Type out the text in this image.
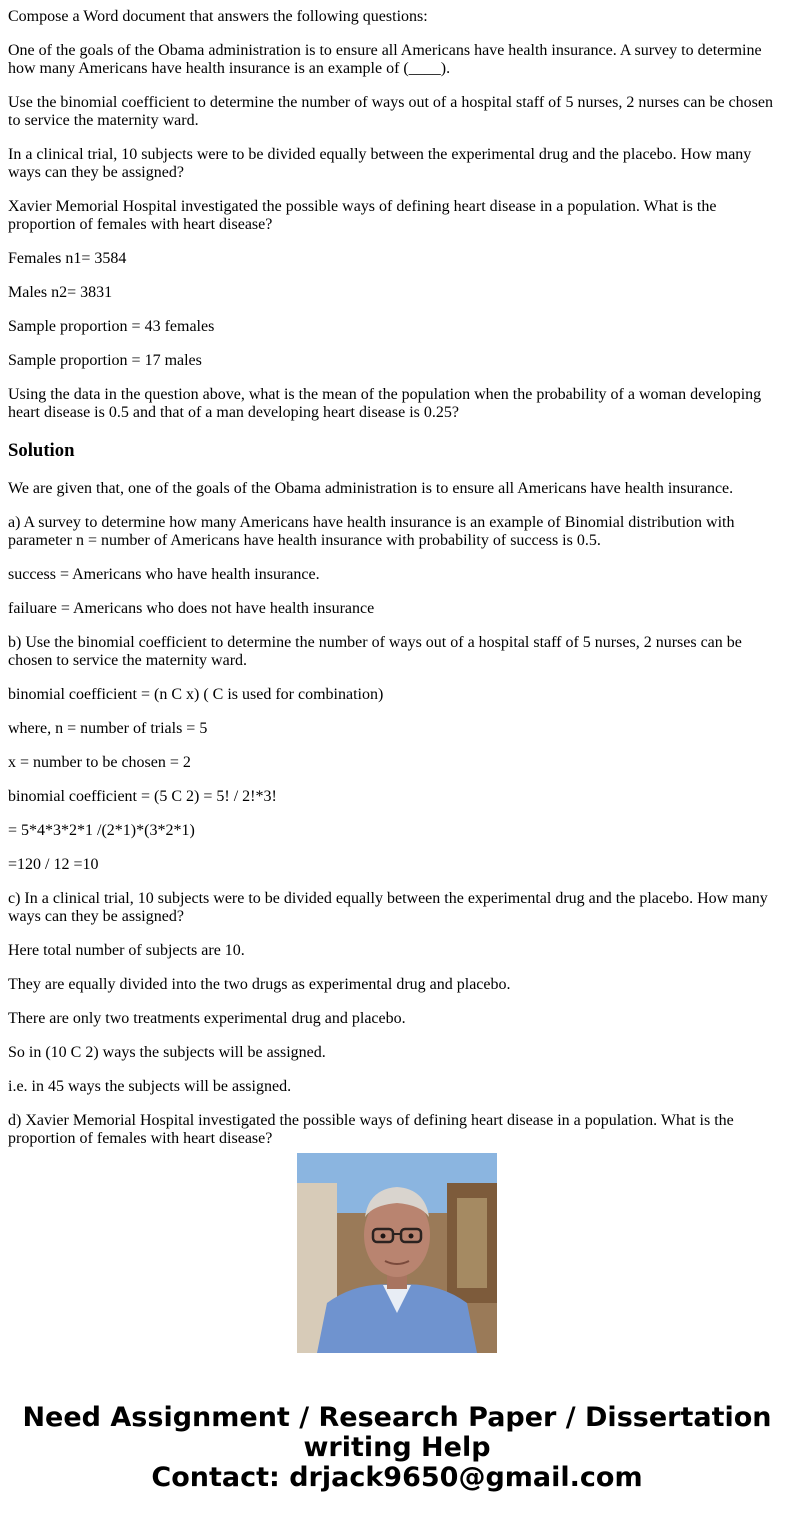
Compose a Word document that answers the following questions:

One of the goals of the Obama administration is to ensure all Americans have health insurance. A survey to determine how many Americans have health insurance is an example of (____).

Use the binomial coefficient to determine the number of ways out of a hospital staff of 5 nurses, 2 nurses can be chosen to service the maternity ward.

In a clinical trial, 10 subjects were to be divided equally between the experimental drug and the placebo. How many ways can they be assigned?

Xavier Memorial Hospital investigated the possible ways of defining heart disease in a population. What is the proportion of females with heart disease?

Females n1= 3584

Males n2= 3831

Sample proportion = 43 females

Sample proportion = 17 males

Using the data in the question above, what is the mean of the population when the probability of a woman developing heart disease is 0.5 and that of a man developing heart disease is 0.25?

Solution

We are given that, one of the goals of the Obama administration is to ensure all Americans have health insurance.

a) A survey to determine how many Americans have health insurance is an example of Binomial distribution with parameter n = number of Americans have health insurance with probability of success is 0.5.

success = Americans who have health insurance.

failuare = Americans who does not have health insurance

b) Use the binomial coefficient to determine the number of ways out of a hospital staff of 5 nurses, 2 nurses can be chosen to service the maternity ward.

binomial coefficient = (n C x) ( C is used for combination)

where, n = number of trials = 5

x = number to be chosen = 2

binomial coefficient = (5 C 2) = 5! / 2!*3!

= 5*4*3*2*1 /(2*1)*(3*2*1)

=120 / 12 =10

c) In a clinical trial, 10 subjects were to be divided equally between the experimental drug and the placebo. How many ways can they be assigned?

Here total number of subjects are 10.

They are equally divided into the two drugs as experimental drug and placebo.

There are only two treatments experimental drug and placebo.

So in (10 C 2) ways the subjects will be assigned.

i.e. in 45 ways the subjects will be assigned.

d) Xavier Memorial Hospital investigated the possible ways of defining heart disease in a population. What is the proportion of females with heart disease?

Need Assignment / Research Paper / Dissertation
writing Help
Contact: drjack9650@gmail.com
